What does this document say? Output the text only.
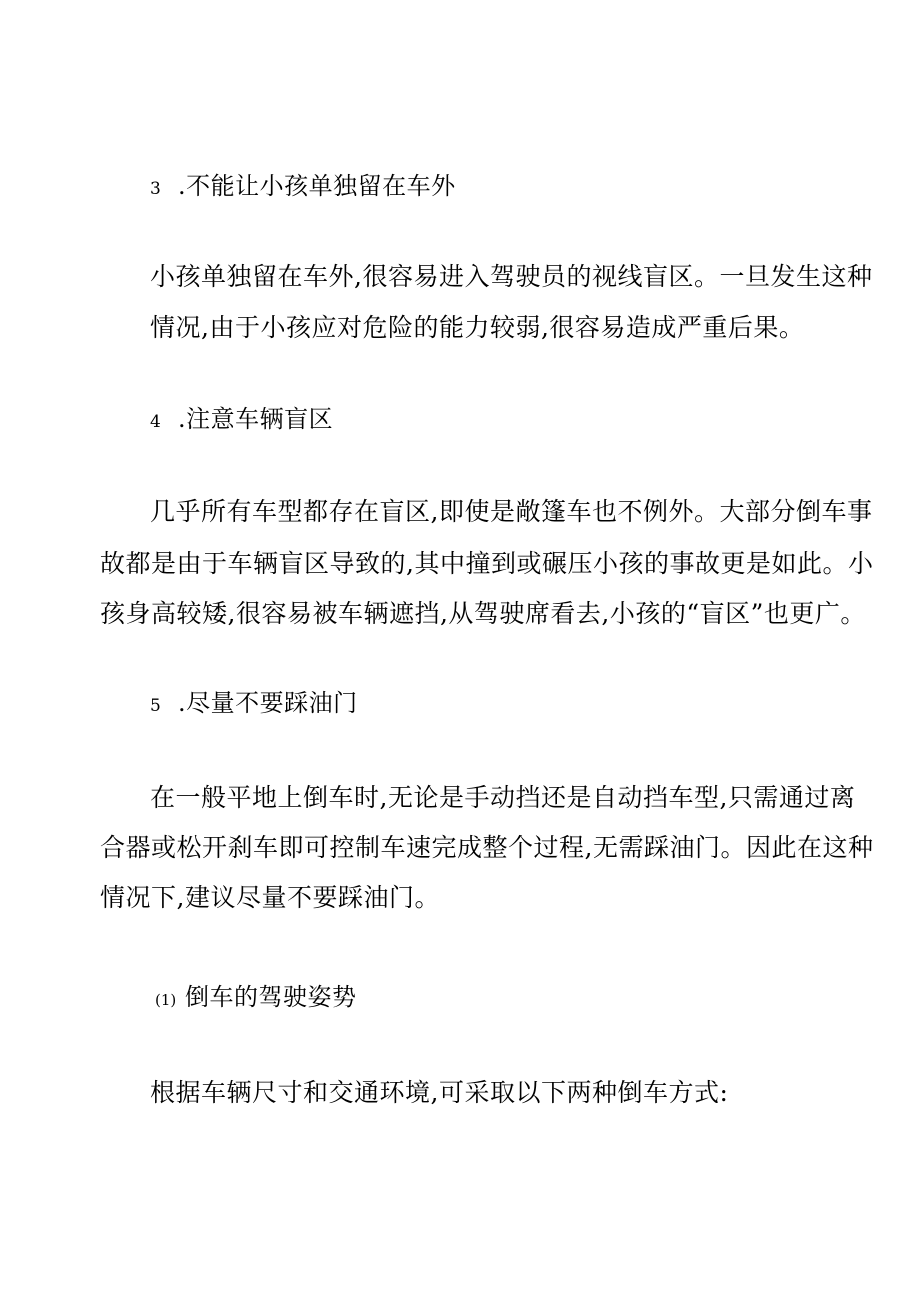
3 .不能让小孩单独留在车外

小孩单独留在车外,很容易进入驾驶员的视线盲区。一旦发生这种

情况,由于小孩应对危险的能力较弱,很容易造成严重后果。

4 .注意车辆盲区

几乎所有车型都存在盲区,即使是敞篷车也不例外。大部分倒车事

故都是由于车辆盲区导致的,其中撞到或碾压小孩的事故更是如此。小

孩身高较矮,很容易被车辆遮挡,从驾驶席看去,小孩的“盲区”也更广。

5 .尽量不要踩油门

在一般平地上倒车时,无论是手动挡还是自动挡车型,只需通过离

合器或松开刹车即可控制车速完成整个过程,无需踩油门。因此在这种

情况下,建议尽量不要踩油门。

(1) 倒车的驾驶姿势

根据车辆尺寸和交通环境,可采取以下两种倒车方式:
